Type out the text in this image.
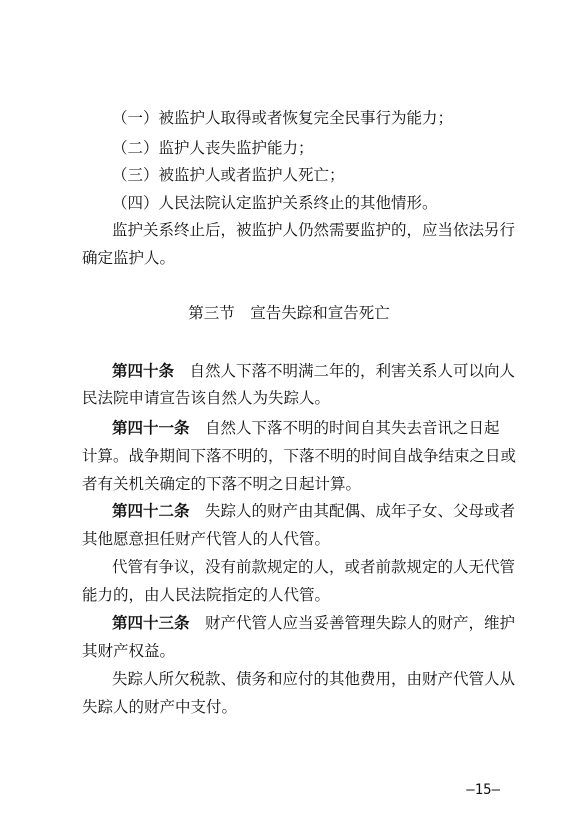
（一）被监护人取得或者恢复完全民事行为能力；
（二）监护人丧失监护能力；
（三）被监护人或者监护人死亡；
（四）人民法院认定监护关系终止的其他情形。
监护关系终止后，被监护人仍然需要监护的，应当依法另行
确定监护人。
第三节　宣告失踪和宣告死亡
第四十条　自然人下落不明满二年的，利害关系人可以向人
民法院申请宣告该自然人为失踪人。
第四十一条　自然人下落不明的时间自其失去音讯之日起
计算。战争期间下落不明的，下落不明的时间自战争结束之日或
者有关机关确定的下落不明之日起计算。
第四十二条　失踪人的财产由其配偶、成年子女、父母或者
其他愿意担任财产代管人的人代管。
代管有争议，没有前款规定的人，或者前款规定的人无代管
能力的，由人民法院指定的人代管。
第四十三条　财产代管人应当妥善管理失踪人的财产，维护
其财产权益。
失踪人所欠税款、债务和应付的其他费用，由财产代管人从
失踪人的财产中支付。
—15—
